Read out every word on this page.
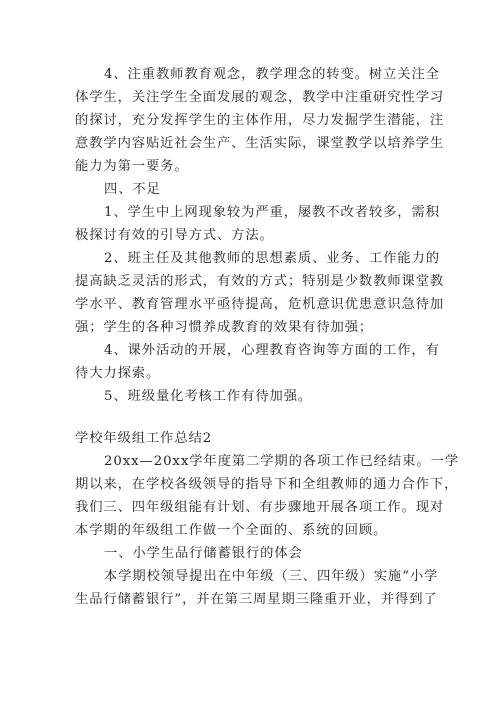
4、注重教师教育观念，教学理念的转变。树立关注全
体学生，关注学生全面发展的观念，教学中注重研究性学习
的探讨，充分发挥学生的主体作用，尽力发掘学生潜能，注
意教学内容贴近社会生产、生活实际，课堂教学以培养学生
能力为第一要务。
四、不足
1、学生中上网现象较为严重，屡教不改者较多，需积
极探讨有效的引导方式、方法。
2、班主任及其他教师的思想素质、业务、工作能力的
提高缺乏灵活的形式，有效的方式；特别是少数教师课堂教
学水平、教育管理水平亟待提高，危机意识优患意识急待加
强；学生的各种习惯养成教育的效果有待加强；
4、课外活动的开展，心理教育咨询等方面的工作，有
待大力探索。
5、班级量化考核工作有待加强。
学校年级组工作总结2
20xx—20xx学年度第二学期的各项工作已经结束。一学
期以来，在学校各级领导的指导下和全组教师的通力合作下，
我们三、四年级组能有计划、有步骤地开展各项工作。现对
本学期的年级组工作做一个全面的、系统的回顾。
一、小学生品行储蓄银行的体会
本学期校领导提出在中年级（三、四年级）实施“小学
生品行储蓄银行”，并在第三周星期三隆重开业，并得到了
